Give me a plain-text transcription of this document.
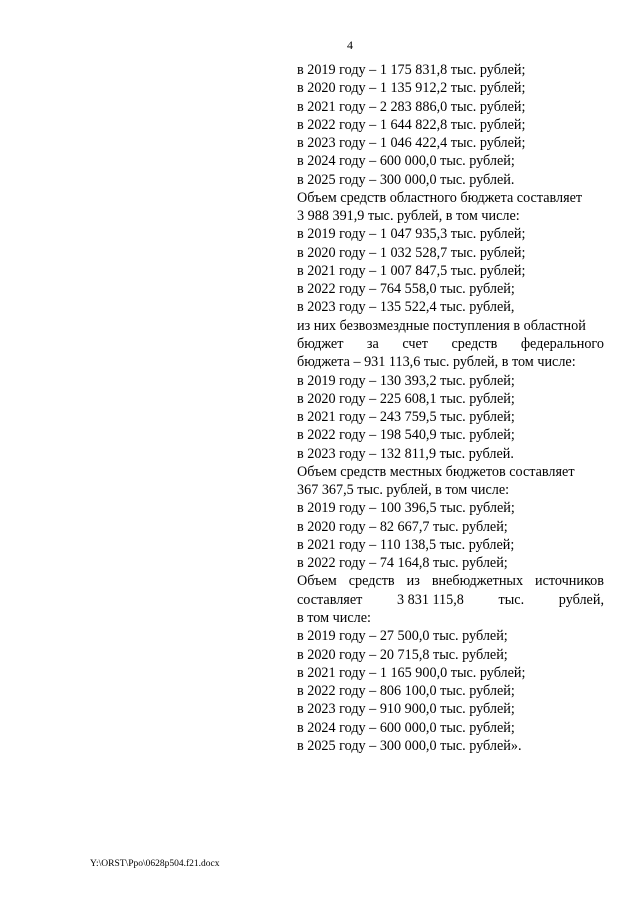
4
в 2019 году – 1 175 831,8 тыс. рублей;
в 2020 году – 1 135 912,2 тыс. рублей;
в 2021 году – 2 283 886,0 тыс. рублей;
в 2022 году – 1 644 822,8 тыс. рублей;
в 2023 году – 1 046 422,4 тыс. рублей;
в 2024 году – 600 000,0 тыс. рублей;
в 2025 году – 300 000,0 тыс. рублей.
Объем средств областного бюджета составляет
3 988 391,9 тыс. рублей, в том числе:
в 2019 году – 1 047 935,3 тыс. рублей;
в 2020 году – 1 032 528,7 тыс. рублей;
в 2021 году – 1 007 847,5 тыс. рублей;
в 2022 году – 764 558,0 тыс. рублей;
в 2023 году – 135 522,4 тыс. рублей,
из них безвозмездные поступления в областной
бюджет за счет средств федерального
бюджета – 931 113,6 тыс. рублей, в том числе:
в 2019 году – 130 393,2 тыс. рублей;
в 2020 году – 225 608,1 тыс. рублей;
в 2021 году – 243 759,5 тыс. рублей;
в 2022 году – 198 540,9 тыс. рублей;
в 2023 году – 132 811,9 тыс. рублей.
Объем средств местных бюджетов составляет
367 367,5 тыс. рублей, в том числе:
в 2019 году – 100 396,5 тыс. рублей;
в 2020 году – 82 667,7 тыс. рублей;
в 2021 году – 110 138,5 тыс. рублей;
в 2022 году – 74 164,8 тыс. рублей;
Объем средств из внебюджетных источников
составляет 3 831 115,8 тыс. рублей,
в том числе:
в 2019 году – 27 500,0 тыс. рублей;
в 2020 году – 20 715,8 тыс. рублей;
в 2021 году – 1 165 900,0 тыс. рублей;
в 2022 году – 806 100,0 тыс. рублей;
в 2023 году – 910 900,0 тыс. рублей;
в 2024 году – 600 000,0 тыс. рублей;
в 2025 году – 300 000,0 тыс. рублей».
Y:\ORST\Ppo\0628p504.f21.docx
